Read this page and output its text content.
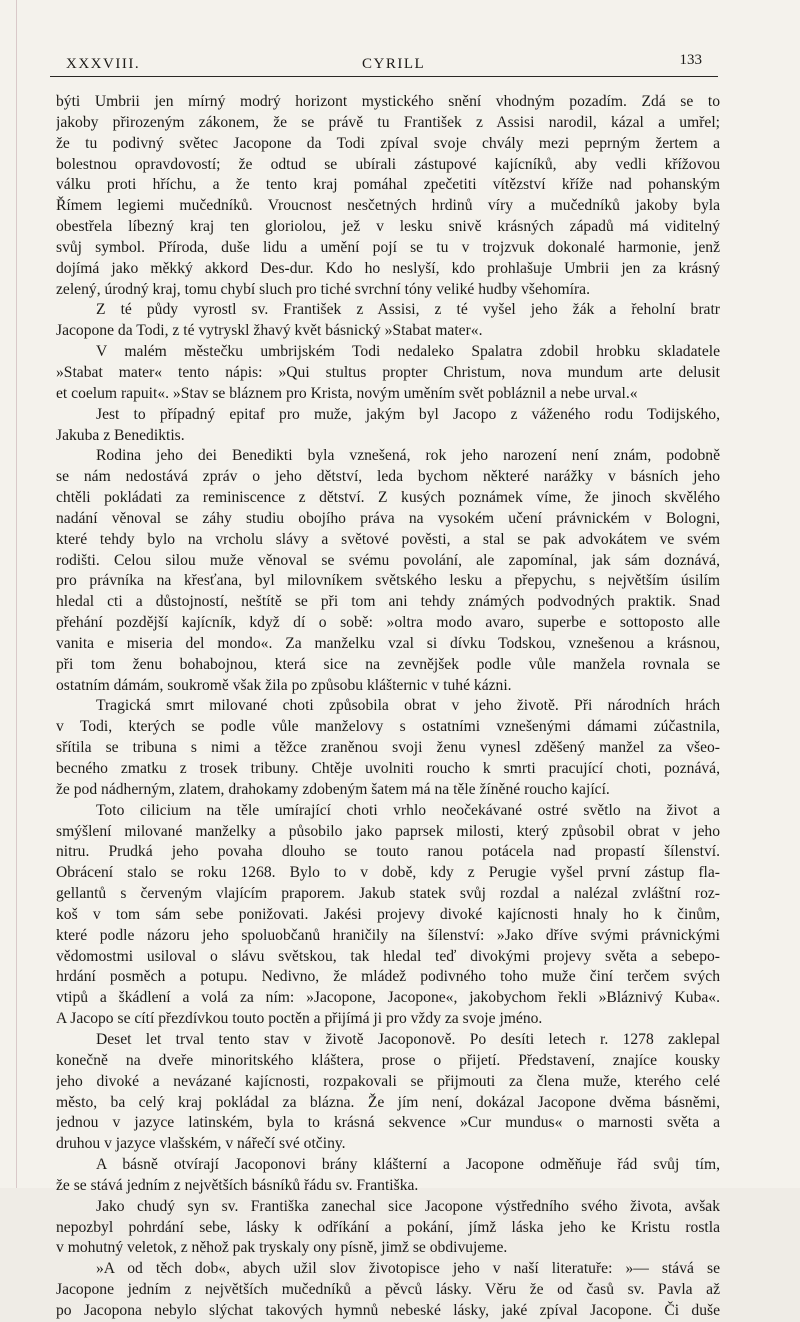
XXXVIII.	CYRILL	133
býti Umbrii jen mírný modrý horizont mystického snění vhodným pozadím. Zdá se to
jakoby přirozeným zákonem, že se právě tu František z Assisi narodil, kázal a umřel;
že tu podivný světec Jacopone da Todi zpíval svoje chvály mezi peprným žertem a
bolestnou opravdovostí; že odtud se ubírali zástupové kajícníků, aby vedli křížovou
válku proti hříchu, a že tento kraj pomáhal zpečetiti vítězství kříže nad pohanským
Římem legiemi mučedníků. Vroucnost nesčetných hrdinů víry a mučedníků jakoby byla
obestřela líbezný kraj ten gloriolou, jež v lesku snivě krásných západů má viditelný
svůj symbol. Příroda, duše lidu a umění pojí se tu v trojzvuk dokonalé harmonie, jenž
dojímá jako měkký akkord Des-dur. Kdo ho neslyší, kdo prohlašuje Umbrii jen za krásný
zelený, úrodný kraj, tomu chybí sluch pro tiché svrchní tóny veliké hudby všehomíra.
Z té půdy vyrostl sv. František z Assisi, z té vyšel jeho žák a řeholní bratr
Jacopone da Todi, z té vytryskl žhavý květ básnický »Stabat mater«.
V malém městečku umbrijském Todi nedaleko Spalatra zdobil hrobku skladatele
»Stabat mater« tento nápis: »Qui stultus propter Christum, nova mundum arte delusit
et coelum rapuit«. »Stav se bláznem pro Krista, novým uměním svět pobláznil a nebe urval.«
Jest to případný epitaf pro muže, jakým byl Jacopo z váženého rodu Todijského,
Jakuba z Benediktis.
Rodina jeho dei Benedikti byla vznešená, rok jeho narození není znám, podobně
se nám nedostává zpráv o jeho dětství, leda bychom některé narážky v básních jeho
chtěli pokládati za reminiscence z dětství. Z kusých poznámek víme, že jinoch skvělého
nadání věnoval se záhy studiu obojího práva na vysokém učení právnickém v Bologni,
které tehdy bylo na vrcholu slávy a světové pověsti, a stal se pak advokátem ve svém
rodišti. Celou silou muže věnoval se svému povolání, ale zapomínal, jak sám doznává,
pro právníka na křesťana, byl milovníkem světského lesku a přepychu, s největším úsilím
hledal cti a důstojností, neštítě se při tom ani tehdy známých podvodných praktik. Snad
přehání pozdější kajícník, když dí o sobě: »oltra modo avaro, superbe e sottoposto alle
vanita e miseria del mondo«. Za manželku vzal si dívku Todskou, vznešenou a krásnou,
při tom ženu bohabojnou, která sice na zevnějšek podle vůle manžela rovnala se
ostatním dámám, soukromě však žila po způsobu klášternic v tuhé kázni.
Tragická smrt milované choti způsobila obrat v jeho životě. Při národních hrách
v Todi, kterých se podle vůle manželovy s ostatními vznešenými dámami zúčastnila,
sřítila se tribuna s nimi a těžce zraněnou svoji ženu vynesl zděšený manžel za všeo-
becného zmatku z trosek tribuny. Chtěje uvolniti roucho k smrti pracující choti, poznává,
že pod nádherným, zlatem, drahokamy zdobeným šatem má na těle žíněné roucho kající.
Toto cilicium na těle umírající choti vrhlo neočekávané ostré světlo na život a
smýšlení milované manželky a působilo jako paprsek milosti, který způsobil obrat v jeho
nitru. Prudká jeho povaha dlouho se touto ranou potácela nad propastí šílenství.
Obrácení stalo se roku 1268. Bylo to v době, kdy z Perugie vyšel první zástup fla-
gellantů s červeným vlajícím praporem. Jakub statek svůj rozdal a nalézal zvláštní roz-
koš v tom sám sebe ponižovati. Jakési projevy divoké kajícnosti hnaly ho k činům,
které podle názoru jeho spoluobčanů hraničily na šílenství: »Jako dříve svými právnickými
vědomostmi usiloval o slávu světskou, tak hledal teď divokými projevy světa a sebepo-
hrdání posměch a potupu. Nedivno, že mládež podivného toho muže činí terčem svých
vtipů a škádlení a volá za ním: »Jacopone, Jacopone«, jakobychom řekli »Bláznivý Kuba«.
A Jacopo se cítí přezdívkou touto poctěn a přijímá ji pro vždy za svoje jméno.
Deset let trval tento stav v životě Jacoponově. Po desíti letech r. 1278 zaklepal
konečně na dveře minoritského kláštera, prose o přijetí. Představení, znajíce kousky
jeho divoké a nevázané kajícnosti, rozpakovali se přijmouti za člena muže, kterého celé
město, ba celý kraj pokládal za blázna. Že jím není, dokázal Jacopone dvěma básněmi,
jednou v jazyce latinském, byla to krásná sekvence »Cur mundus« o marnosti světa a
druhou v jazyce vlašském, v nářečí své otčiny.
A básně otvírají Jacoponovi brány klášterní a Jacopone odměňuje řád svůj tím,
že se stává jedním z největších básníků řádu sv. Františka.
Jako chudý syn sv. Františka zanechal sice Jacopone výstředního svého života, avšak
nepozbyl pohrdání sebe, lásky k odříkání a pokání, jímž láska jeho ke Kristu rostla
v mohutný veletok, z něhož pak tryskaly ony písně, jimž se obdivujeme.
»A od těch dob«, abych užil slov životopisce jeho v naší literatuře: »— stává se
Jacopone jedním z největších mučedníků a pěvců lásky. Věru že od časů sv. Pavla až
po Jacopona nebylo slýchat takových hymnů nebeské lásky, jaké zpíval Jacopone. Či duše
